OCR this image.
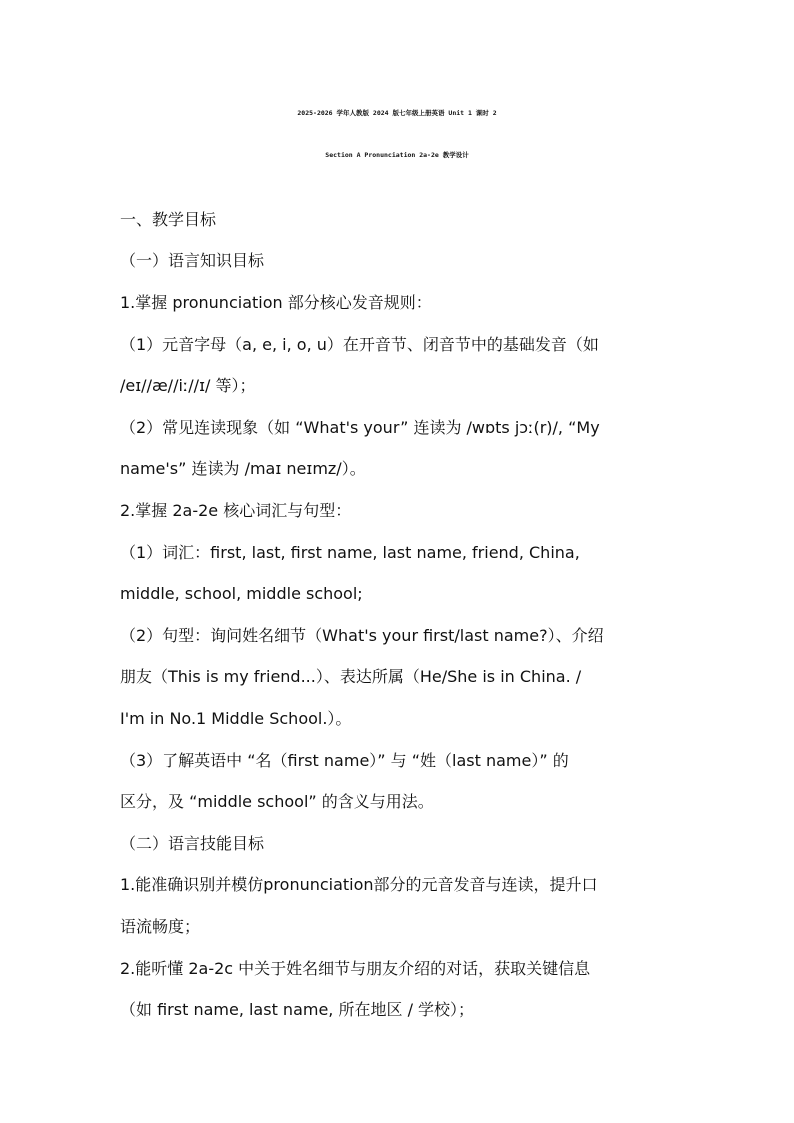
2025-2026 学年人教版 2024 版七年级上册英语 Unit 1 课时 2
Section A Pronunciation 2a-2e 教学设计
一、教学目标
（一）语言知识目标
1.掌握 pronunciation 部分核心发音规则：
（1）元音字母（a, e, i, o, u）在开音节、闭音节中的基础发音（如
/eɪ//æ//iː//ɪ/ 等）；
（2）常见连读现象（如 “What's your” 连读为 /wɒts jɔː(r)/, “My
name's” 连读为 /maɪ neɪmz/）。
2.掌握 2a-2e 核心词汇与句型：
（1）词汇：first, last, first name, last name, friend, China,
middle, school, middle school;
（2）句型：询问姓名细节（What's your first/last name?）、介绍
朋友（This is my friend...）、表达所属（He/She is in China. /
I'm in No.1 Middle School.）。
（3）了解英语中 “名（first name）” 与 “姓（last name）” 的
区分，及 “middle school” 的含义与用法。
（二）语言技能目标
1.能准确识别并模仿pronunciation部分的元音发音与连读，提升口
语流畅度；
2.能听懂 2a-2c 中关于姓名细节与朋友介绍的对话，获取关键信息
（如 first name, last name, 所在地区 / 学校）；
